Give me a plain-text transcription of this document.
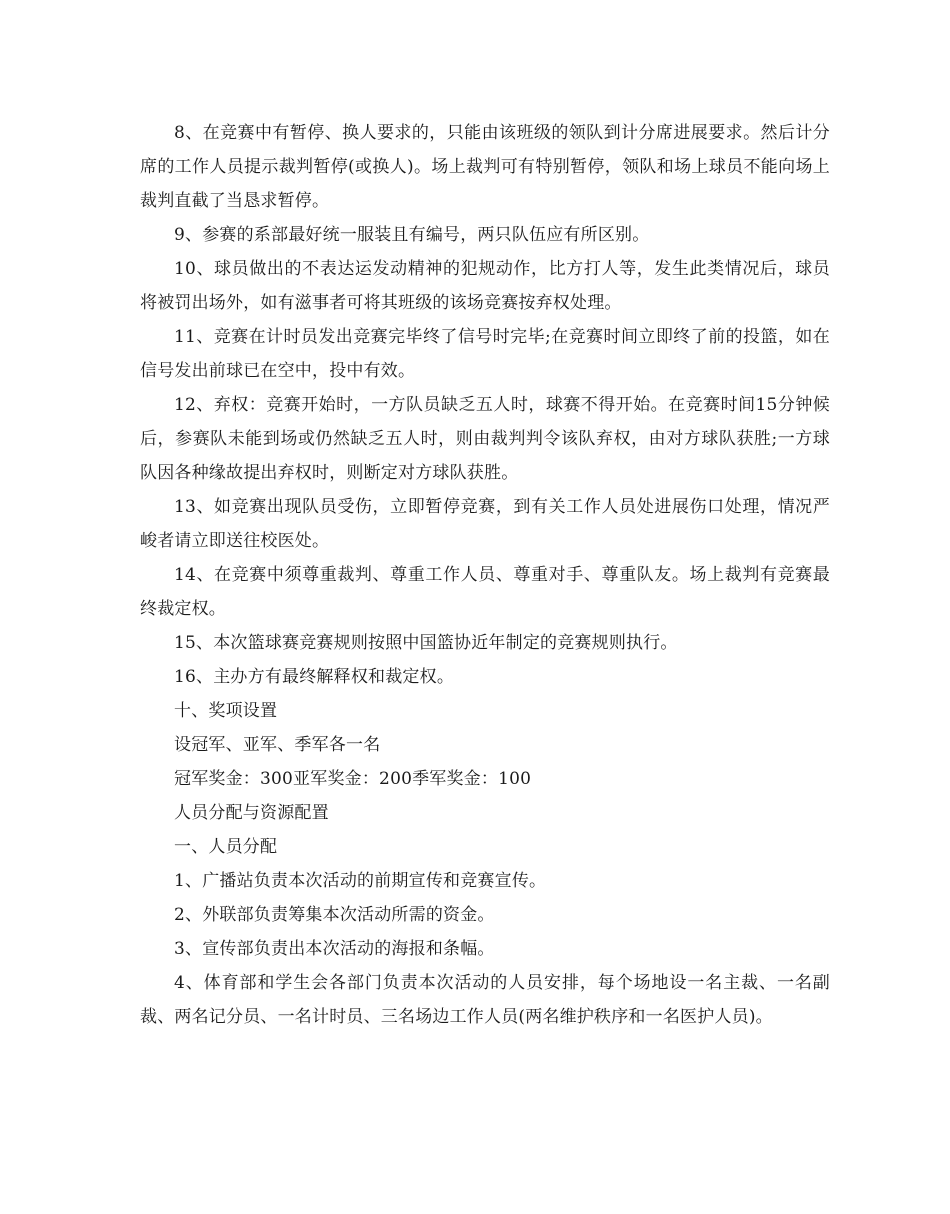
8、在竞赛中有暂停、换人要求的，只能由该班级的领队到计分席进展要求。然后计分席的工作人员提示裁判暂停(或换人)。场上裁判可有特别暂停，领队和场上球员不能向场上裁判直截了当恳求暂停。

9、参赛的系部最好统一服装且有编号，两只队伍应有所区别。

10、球员做出的不表达运发动精神的犯规动作，比方打人等，发生此类情况后，球员将被罚出场外，如有滋事者可将其班级的该场竞赛按弃权处理。

11、竞赛在计时员发出竞赛完毕终了信号时完毕;在竞赛时间立即终了前的投篮，如在信号发出前球已在空中，投中有效。

12、弃权：竞赛开始时，一方队员缺乏五人时，球赛不得开始。在竞赛时间15分钟候后，参赛队未能到场或仍然缺乏五人时，则由裁判判令该队弃权，由对方球队获胜;一方球队因各种缘故提出弃权时，则断定对方球队获胜。

13、如竞赛出现队员受伤，立即暂停竞赛，到有关工作人员处进展伤口处理，情况严峻者请立即送往校医处。

14、在竞赛中须尊重裁判、尊重工作人员、尊重对手、尊重队友。场上裁判有竞赛最终裁定权。

15、本次篮球赛竞赛规则按照中国篮协近年制定的竞赛规则执行。

16、主办方有最终解释权和裁定权。

十、奖项设置

设冠军、亚军、季军各一名

冠军奖金：300亚军奖金：200季军奖金：100

人员分配与资源配置

一、人员分配

1、广播站负责本次活动的前期宣传和竞赛宣传。

2、外联部负责筹集本次活动所需的资金。

3、宣传部负责出本次活动的海报和条幅。

4、体育部和学生会各部门负责本次活动的人员安排，每个场地设一名主裁、一名副裁、两名记分员、一名计时员、三名场边工作人员(两名维护秩序和一名医护人员)。
